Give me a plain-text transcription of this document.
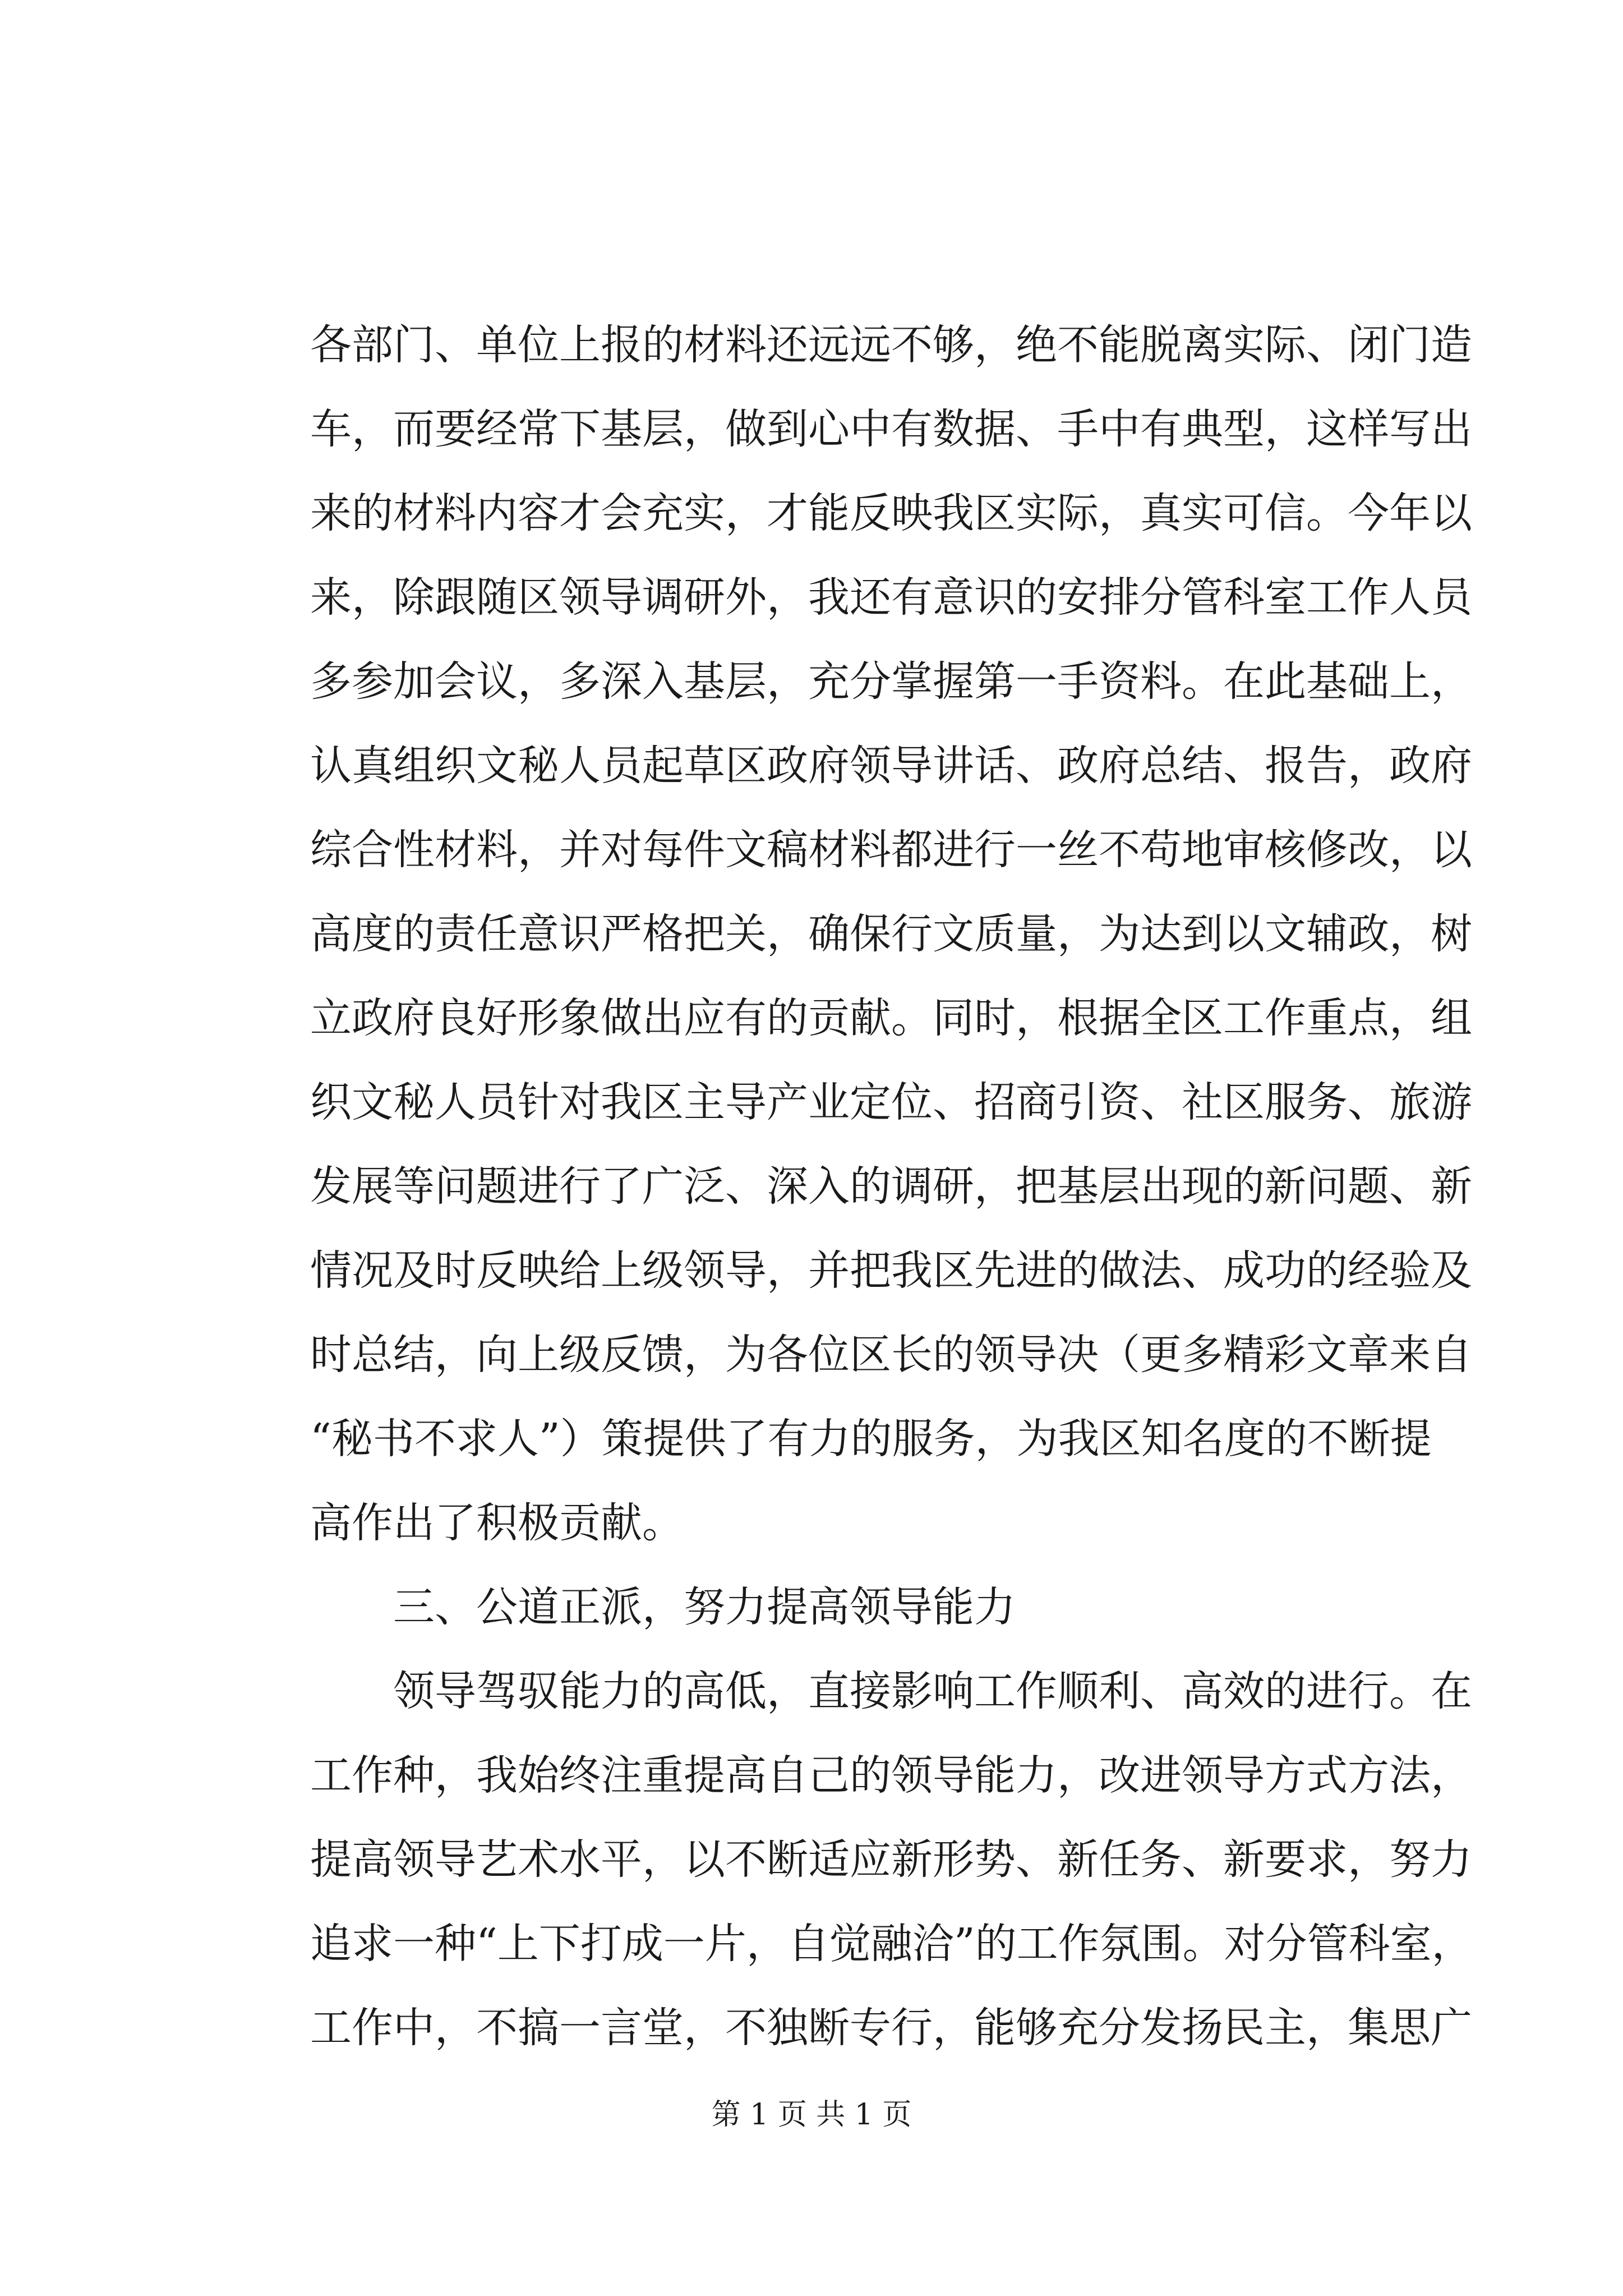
各部门、单位上报的材料还远远不够，绝不能脱离实际、闭门造
车，而要经常下基层，做到心中有数据、手中有典型，这样写出
来的材料内容才会充实，才能反映我区实际，真实可信。今年以
来，除跟随区领导调研外，我还有意识的安排分管科室工作人员
多参加会议，多深入基层，充分掌握第一手资料。在此基础上，
认真组织文秘人员起草区政府领导讲话、政府总结、报告，政府
综合性材料，并对每件文稿材料都进行一丝不苟地审核修改，以
高度的责任意识严格把关，确保行文质量，为达到以文辅政，树
立政府良好形象做出应有的贡献。同时，根据全区工作重点，组
织文秘人员针对我区主导产业定位、招商引资、社区服务、旅游
发展等问题进行了广泛、深入的调研，把基层出现的新问题、新
情况及时反映给上级领导，并把我区先进的做法、成功的经验及
时总结，向上级反馈，为各位区长的领导决（更多精彩文章来自
“秘书不求人”）策提供了有力的服务，为我区知名度的不断提
高作出了积极贡献。
三、公道正派，努力提高领导能力
领导驾驭能力的高低，直接影响工作顺利、高效的进行。在
工作种，我始终注重提高自己的领导能力，改进领导方式方法，
提高领导艺术水平，以不断适应新形势、新任务、新要求，努力
追求一种“上下打成一片，自觉融洽”的工作氛围。对分管科室，
工作中，不搞一言堂，不独断专行，能够充分发扬民主，集思广
第 1 页 共 1 页
